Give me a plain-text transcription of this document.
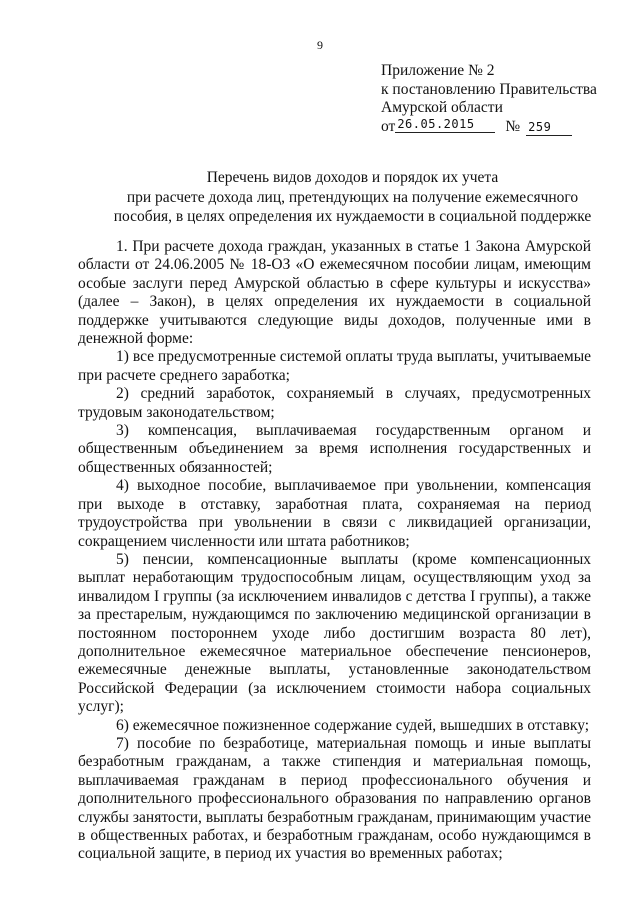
9
Приложение № 2
к постановлению Правительства
Амурской области
от 26.05.2015	№ 259
Перечень видов доходов и порядок их учета
при расчете дохода лиц, претендующих на получение ежемесячного
пособия, в целях определения их нуждаемости в социальной поддержке

1. При расчете дохода граждан, указанных в статье 1 Закона Амурской области от 24.06.2005 № 18-ОЗ «О ежемесячном пособии лицам, имеющим особые заслуги перед Амурской областью в сфере культуры и искусства» (далее – Закон), в целях определения их нуждаемости в социальной поддержке учитываются следующие виды доходов, полученные ими в денежной форме:

1) все предусмотренные системой оплаты труда выплаты, учитываемые при расчете среднего заработка;

2) средний заработок, сохраняемый в случаях, предусмотренных трудовым законодательством;

3) компенсация, выплачиваемая государственным органом и общественным объединением за время исполнения государственных и общественных обязанностей;

4) выходное пособие, выплачиваемое при увольнении, компенсация при выходе в отставку, заработная плата, сохраняемая на период трудоустройства при увольнении в связи с ликвидацией организации, сокращением численности или штата работников;

5) пенсии, компенсационные выплаты (кроме компенсационных выплат неработающим трудоспособным лицам, осуществляющим уход за инвалидом I группы (за исключением инвалидов с детства I группы), а также за престарелым, нуждающимся по заключению медицинской организации в постоянном постороннем уходе либо достигшим возраста 80 лет), дополнительное ежемесячное материальное обеспечение пенсионеров, ежемесячные денежные выплаты, установленные законодательством Российской Федерации (за исключением стоимости набора социальных услуг);

6) ежемесячное пожизненное содержание судей, вышедших в отставку;

7) пособие по безработице, материальная помощь и иные выплаты безработным гражданам, а также стипендия и материальная помощь, выплачиваемая гражданам в период профессионального обучения и дополнительного профессионального образования по направлению органов службы занятости, выплаты безработным гражданам, принимающим участие в общественных работах, и безработным гражданам, особо нуждающимся в социальной защите, в период их участия во временных работах;
